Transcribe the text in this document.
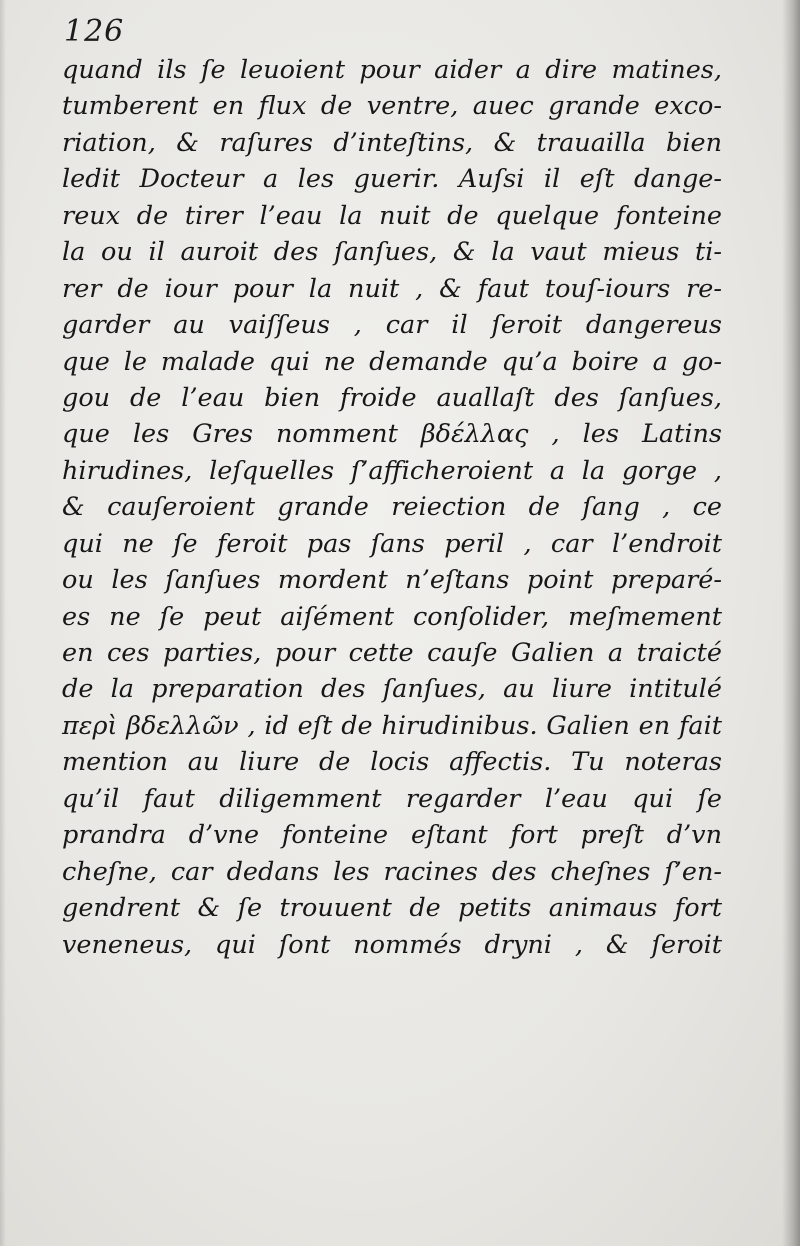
126
quand ils ſe leuoient pour aider a dire matines,
tumberent en flux de ventre, auec grande exco-
riation, & raſures d’inteſtins, & trauailla bien
ledit Docteur a les guerir. Auſsi il eſt dange-
reux de tirer l’eau la nuit de quelque fonteine
la ou il auroit des ſanſues, & la vaut mieus ti-
rer de iour pour la nuit , & faut touſ-iours re-
garder au vaiſſeus , car il ſeroit dangereus
que le malade qui ne demande qu’a boire a go-
gou de l’eau bien froide auallaſt des ſanſues,
que les Gres nomment βδέλλας , les Latins
hirudines, leſquelles ſ’afficheroient a la gorge ,
& cauſeroient grande reiection de ſang , ce
qui ne ſe feroit pas ſans peril , car l’endroit
ou les ſanſues mordent n’eſtans point preparé-
es ne ſe peut aiſément conſolider, meſmement
en ces parties, pour cette cauſe Galien a traicté
de la preparation des ſanſues, au liure intitulé
περὶ βδελλῶν , id eſt de hirudinibus. Galien en fait
mention au liure de locis affectis. Tu noteras
qu’il faut diligemment regarder l’eau qui ſe
prandra d’vne fonteine eſtant fort preſt d’vn
cheſne, car dedans les racines des cheſnes ſ’en-
gendrent & ſe trouuent de petits animaus fort
veneneus, qui ſont nommés dryni , & ſeroit
